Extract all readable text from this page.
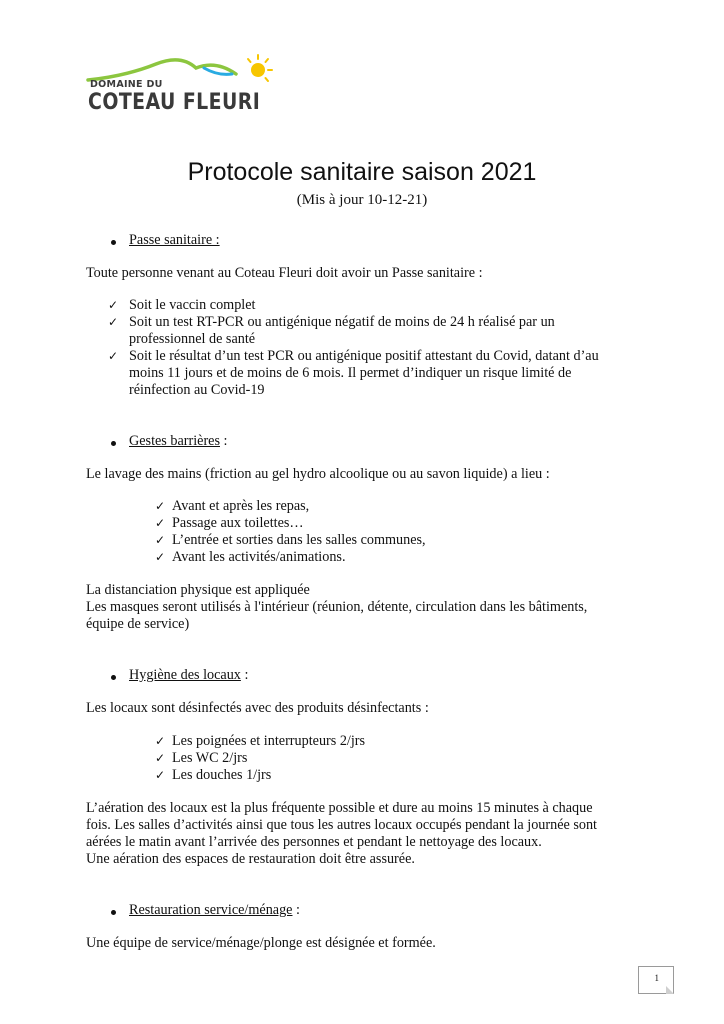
DOMAINE DU
COTEAU FLEURI
Protocole sanitaire saison 2021
(Mis à jour 10-12-21)
Passe sanitaire :
Toute personne venant au Coteau Fleuri doit avoir un Passe sanitaire :
✓ Soit le vaccin complet
✓ Soit un test RT-PCR ou antigénique négatif de moins de 24 h réalisé par un
professionnel de santé
✓ Soit le résultat d’un test PCR ou antigénique positif attestant du Covid, datant d’au
moins 11 jours et de moins de 6 mois. Il permet d’indiquer un risque limité de
réinfection au Covid-19
Gestes barrières :
Le lavage des mains (friction au gel hydro alcoolique ou au savon liquide) a lieu :
✓ Avant et après les repas,
✓ Passage aux toilettes…
✓ L’entrée et sorties dans les salles communes,
✓ Avant les activités/animations.
La distanciation physique est appliquée
Les masques seront utilisés à l'intérieur (réunion, détente, circulation dans les bâtiments,
équipe de service)
Hygiène des locaux :
Les locaux sont désinfectés avec des produits désinfectants :
✓ Les poignées et interrupteurs 2/jrs
✓ Les WC 2/jrs
✓ Les douches 1/jrs
L’aération des locaux est la plus fréquente possible et dure au moins 15 minutes à chaque
fois. Les salles d’activités ainsi que tous les autres locaux occupés pendant la journée sont
aérées le matin avant l’arrivée des personnes et pendant le nettoyage des locaux.
Une aération des espaces de restauration doit être assurée.
Restauration service/ménage :
Une équipe de service/ménage/plonge est désignée et formée.
1
